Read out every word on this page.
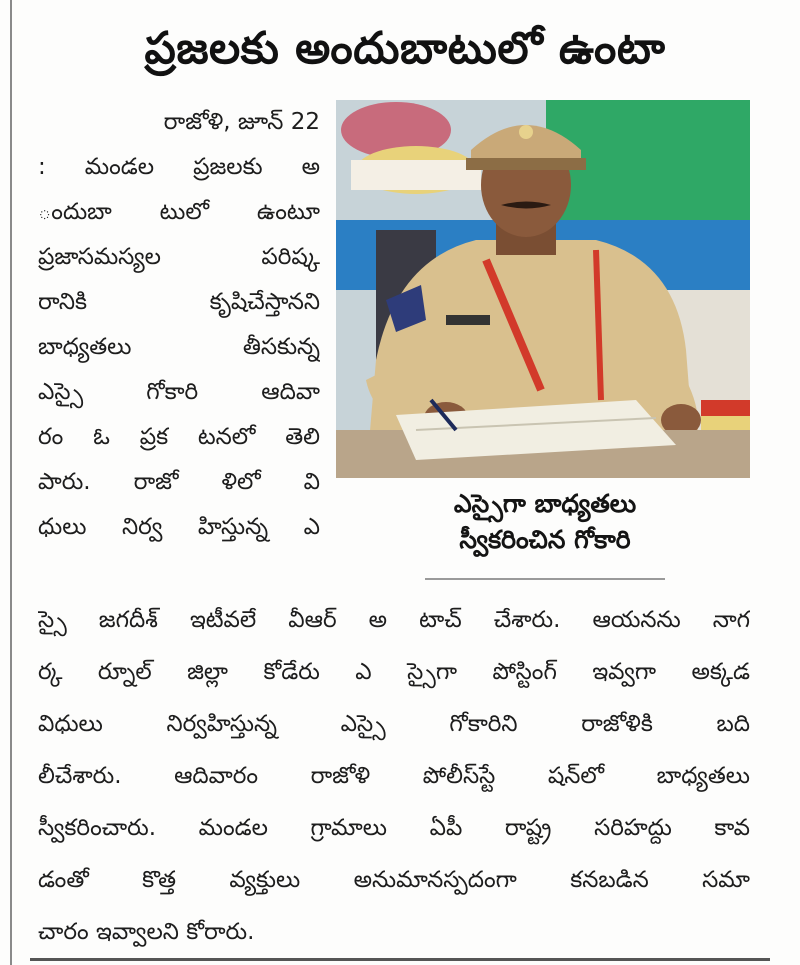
ప్రజలకు అందుబాటులో ఉంటా
రాజోళి, జూన్ 22
: మండల ప్రజలకు అ
ందుబా టులో ఉంటూ
ప్రజాసమస్యల పరిష్క
రానికి కృషిచేస్తానని
బాధ్యతలు తీసకున్న
ఎస్సై గోకారి ఆదివా
రం ఓ ప్రక టనలో తెలి
పారు. రాజో ళిలో వి
ధులు నిర్వ హిస్తున్న ఎ
ఎస్సైగా బాధ్యతలు
స్వీకరించిన గోకారి
స్సై జగదీశ్ ఇటీవలే వీఆర్ అ టాచ్ చేశారు. ఆయనను నాగ
ర్క ర్నూల్ జిల్లా కోడేరు ఎ స్సైగా పోస్టింగ్ ఇవ్వగా అక్కడ
విధులు నిర్వహిస్తున్న ఎస్సై గోకారిని రాజోళికి బది
లీచేశారు. ఆదివారం రాజోళి పోలీస్‌స్టే షన్‌లో బాధ్యతలు
స్వీకరించారు. మండల గ్రామాలు ఏపీ రాష్ట్ర సరిహద్దు కావ
డంతో కొత్త వ్యక్తులు అనుమానస్పదంగా కనబడిన సమా
చారం ఇవ్వాలని కోరారు.
